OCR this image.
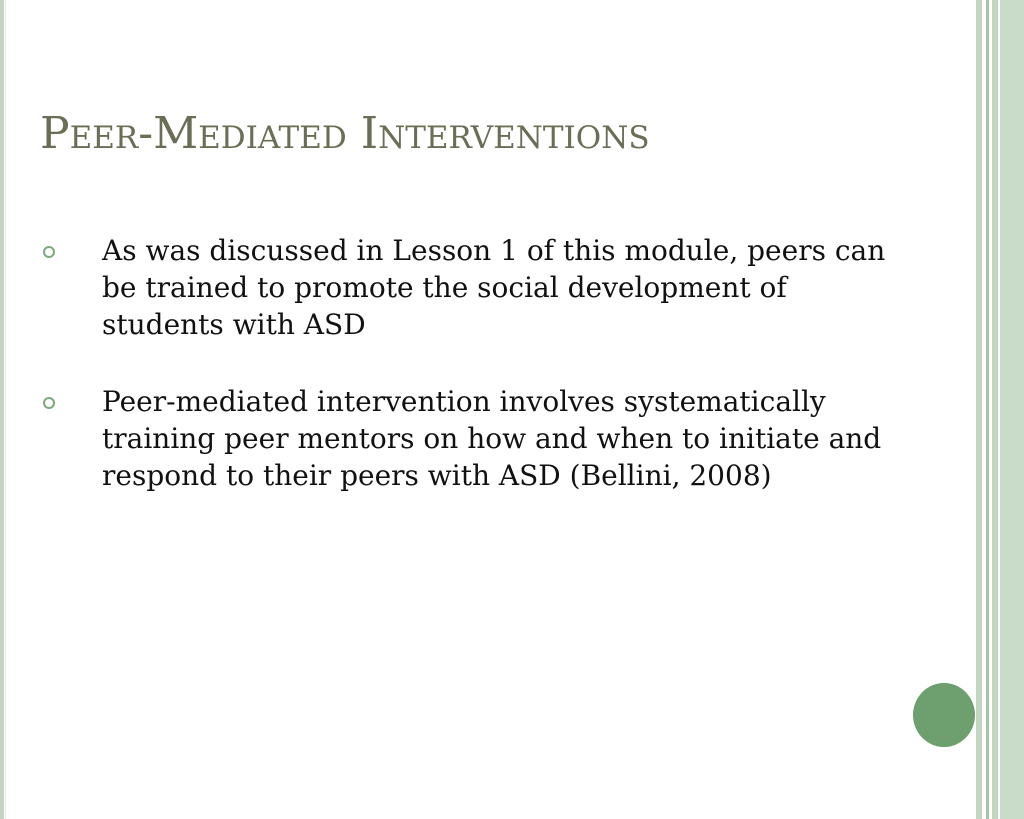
Peer-Mediated Interventions
As was discussed in Lesson 1 of this module, peers can be trained to promote the social development of students with ASD
Peer-mediated intervention involves systematically training peer mentors on how and when to initiate and respond to their peers with ASD (Bellini, 2008)
